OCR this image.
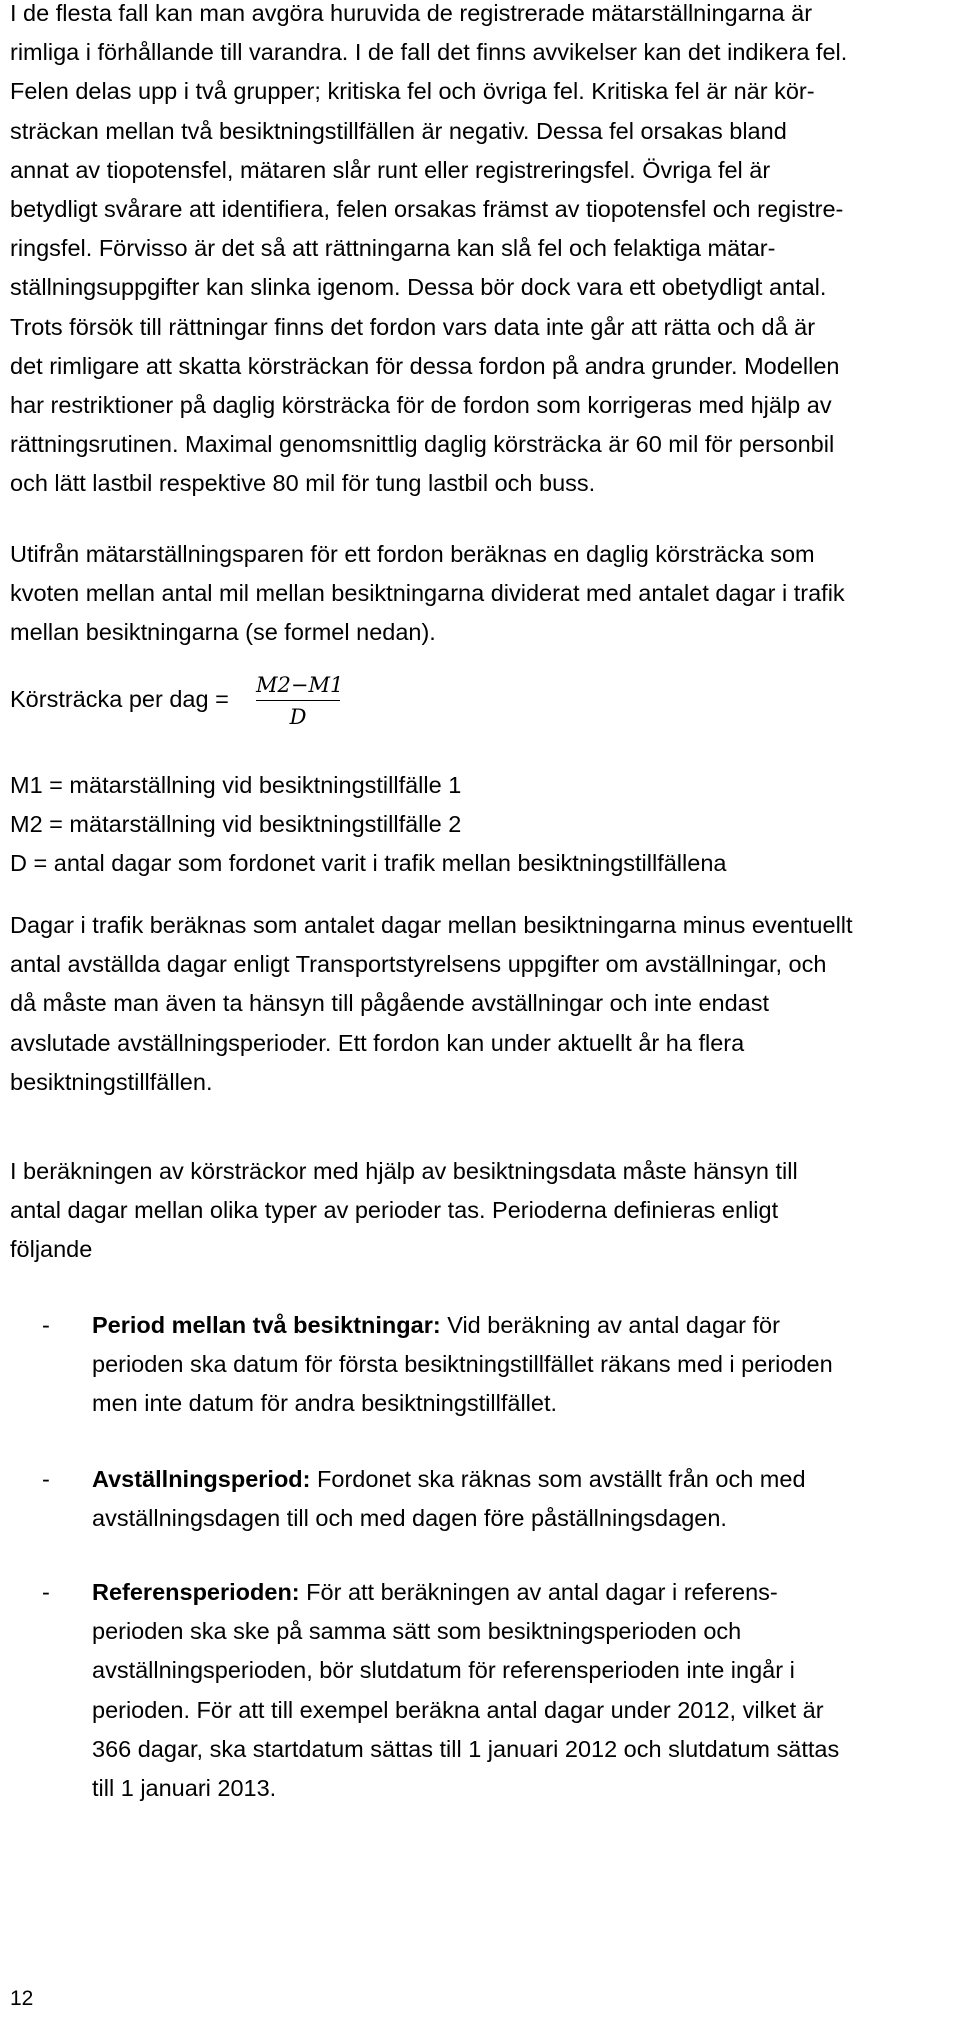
I de flesta fall kan man avgöra huruvida de registrerade mätarställningarna är
rimliga i förhållande till varandra. I de fall det finns avvikelser kan det indikera fel.
Felen delas upp i två grupper; kritiska fel och övriga fel. Kritiska fel är när kör-
sträckan mellan två besiktningstillfällen är negativ. Dessa fel orsakas bland
annat av tiopotensfel, mätaren slår runt eller registreringsfel. Övriga fel är
betydligt svårare att identifiera, felen orsakas främst av tiopotensfel och registre-
ringsfel. Förvisso är det så att rättningarna kan slå fel och felaktiga mätar-
ställningsuppgifter kan slinka igenom. Dessa bör dock vara ett obetydligt antal.
Trots försök till rättningar finns det fordon vars data inte går att rätta och då är
det rimligare att skatta körsträckan för dessa fordon på andra grunder. Modellen
har restriktioner på daglig körsträcka för de fordon som korrigeras med hjälp av
rättningsrutinen. Maximal genomsnittlig daglig körsträcka är 60 mil för personbil
och lätt lastbil respektive 80 mil för tung lastbil och buss.

Utifrån mätarställningsparen för ett fordon beräknas en daglig körsträcka som
kvoten mellan antal mil mellan besiktningarna dividerat med antalet dagar i trafik
mellan besiktningarna (se formel nedan).

Körsträcka per dag =
M2−M1
D

M1 = mätarställning vid besiktningstillfälle 1
M2 = mätarställning vid besiktningstillfälle 2
D = antal dagar som fordonet varit i trafik mellan besiktningstillfällena

Dagar i trafik beräknas som antalet dagar mellan besiktningarna minus eventuellt
antal avställda dagar enligt Transportstyrelsens uppgifter om avställningar, och
då måste man även ta hänsyn till pågående avställningar och inte endast
avslutade avställningsperioder. Ett fordon kan under aktuellt år ha flera
besiktningstillfällen.

I beräkningen av körsträckor med hjälp av besiktningsdata måste hänsyn till
antal dagar mellan olika typer av perioder tas. Perioderna definieras enligt
följande

- Period mellan två besiktningar: Vid beräkning av antal dagar för
perioden ska datum för första besiktningstillfället räkans med i perioden
men inte datum för andra besiktningstillfället.
- Avställningsperiod: Fordonet ska räknas som avställt från och med
avställningsdagen till och med dagen före påställningsdagen.
- Referensperioden: För att beräkningen av antal dagar i referens-
perioden ska ske på samma sätt som besiktningsperioden och
avställningsperioden, bör slutdatum för referensperioden inte ingår i
perioden. För att till exempel beräkna antal dagar under 2012, vilket är
366 dagar, ska startdatum sättas till 1 januari 2012 och slutdatum sättas
till 1 januari 2013.
12
